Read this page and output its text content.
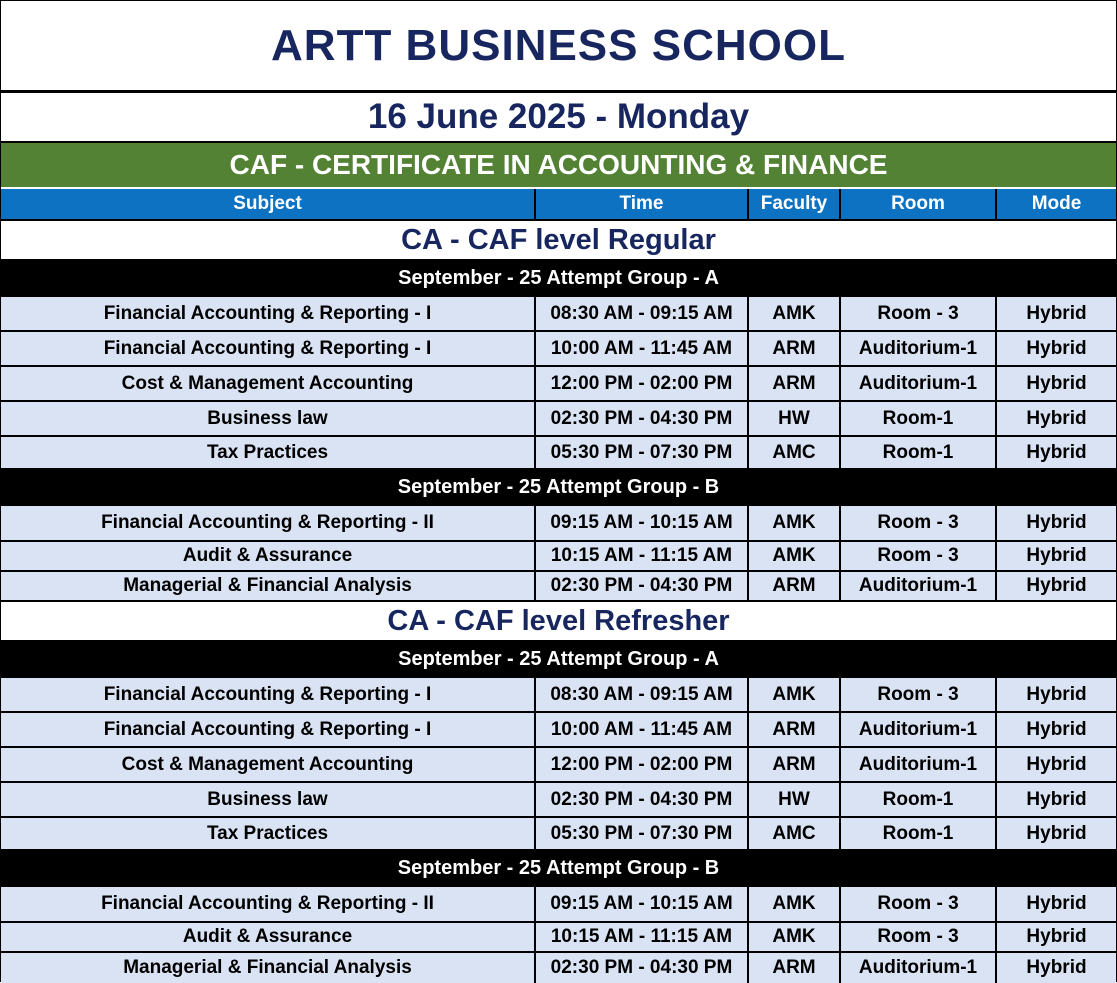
ARTT BUSINESS SCHOOL
16 June 2025 - Monday
CAF - CERTIFICATE IN ACCOUNTING & FINANCE
Subject	Time	Faculty	Room	Mode
CA - CAF level Regular
September - 25 Attempt Group - A
Financial Accounting & Reporting - I	08:30 AM - 09:15 AM	AMK	Room - 3	Hybrid
Financial Accounting & Reporting - I	10:00 AM - 11:45 AM	ARM	Auditorium-1	Hybrid
Cost & Management Accounting	12:00 PM - 02:00 PM	ARM	Auditorium-1	Hybrid
Business law	02:30 PM - 04:30 PM	HW	Room-1	Hybrid
Tax Practices	05:30 PM - 07:30 PM	AMC	Room-1	Hybrid
September - 25 Attempt Group - B
Financial Accounting & Reporting - II	09:15 AM - 10:15 AM	AMK	Room - 3	Hybrid
Audit & Assurance	10:15 AM - 11:15 AM	AMK	Room - 3	Hybrid
Managerial & Financial Analysis	02:30 PM - 04:30 PM	ARM	Auditorium-1	Hybrid
CA - CAF level Refresher
September - 25 Attempt Group - A
Financial Accounting & Reporting - I	08:30 AM - 09:15 AM	AMK	Room - 3	Hybrid
Financial Accounting & Reporting - I	10:00 AM - 11:45 AM	ARM	Auditorium-1	Hybrid
Cost & Management Accounting	12:00 PM - 02:00 PM	ARM	Auditorium-1	Hybrid
Business law	02:30 PM - 04:30 PM	HW	Room-1	Hybrid
Tax Practices	05:30 PM - 07:30 PM	AMC	Room-1	Hybrid
September - 25 Attempt Group - B
Financial Accounting & Reporting - II	09:15 AM - 10:15 AM	AMK	Room - 3	Hybrid
Audit & Assurance	10:15 AM - 11:15 AM	AMK	Room - 3	Hybrid
Managerial & Financial Analysis	02:30 PM - 04:30 PM	ARM	Auditorium-1	Hybrid
